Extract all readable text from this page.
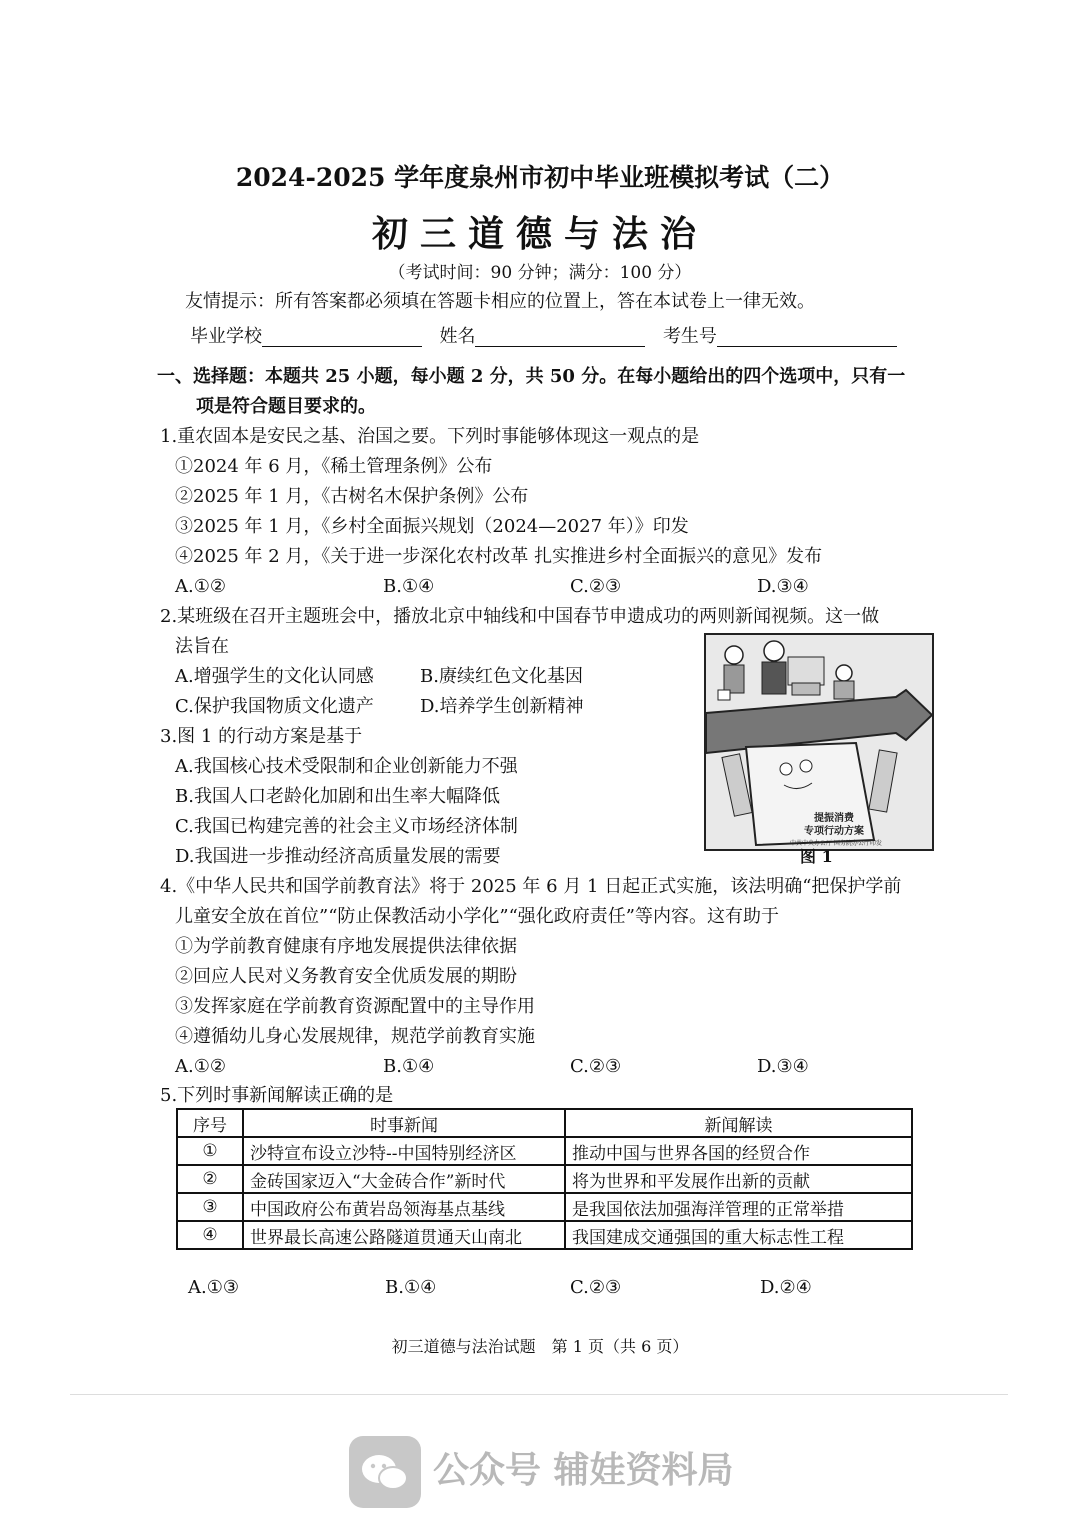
2024-2025 学年度泉州市初中毕业班模拟考试（二）
初三道德与法治
（考试时间：90 分钟；满分：100 分）
友情提示：所有答案都必须填在答题卡相应的位置上，答在本试卷上一律无效。
毕业学校	姓名	考生号
一、选择题：本题共 25 小题，每小题 2 分，共 50 分。在每小题给出的四个选项中，只有一
项是符合题目要求的。
1.重农固本是安民之基、治国之要。下列时事能够体现这一观点的是
①2024 年 6 月，《稀土管理条例》公布
②2025 年 1 月，《古树名木保护条例》公布
③2025 年 1 月，《乡村全面振兴规划（2024—2027 年）》印发
④2025 年 2 月，《关于进一步深化农村改革 扎实推进乡村全面振兴的意见》发布
A.①②	B.①④	C.②③	D.③④
2.某班级在召开主题班会中，播放北京中轴线和中国春节申遗成功的两则新闻视频。这一做
法旨在
A.增强学生的文化认同感	B.赓续红色文化基因
C.保护我国物质文化遗产	D.培养学生创新精神
提振消费
专项行动方案
中共中央办公厅 国务院办公厅印发
图 1
3.图 1 的行动方案是基于
A.我国核心技术受限制和企业创新能力不强
B.我国人口老龄化加剧和出生率大幅降低
C.我国已构建完善的社会主义市场经济体制
D.我国进一步推动经济高质量发展的需要
4.《中华人民共和国学前教育法》将于 2025 年 6 月 1 日起正式实施，该法明确“把保护学前
儿童安全放在首位”“防止保教活动小学化”“强化政府责任”等内容。这有助于
①为学前教育健康有序地发展提供法律依据
②回应人民对义务教育安全优质发展的期盼
③发挥家庭在学前教育资源配置中的主导作用
④遵循幼儿身心发展规律，规范学前教育实施
A.①②	B.①④	C.②③	D.③④
5.下列时事新闻解读正确的是
序号	时事新闻	新闻解读
①	沙特宣布设立沙特--中国特别经济区	推动中国与世界各国的经贸合作
②	金砖国家迈入“大金砖合作”新时代	将为世界和平发展作出新的贡献
③	中国政府公布黄岩岛领海基点基线	是我国依法加强海洋管理的正常举措
④	世界最长高速公路隧道贯通天山南北	我国建成交通强国的重大标志性工程
A.①③	B.①④	C.②③	D.②④
初三道德与法治试题　第 1 页（共 6 页）
公众号 辅娃资料局
